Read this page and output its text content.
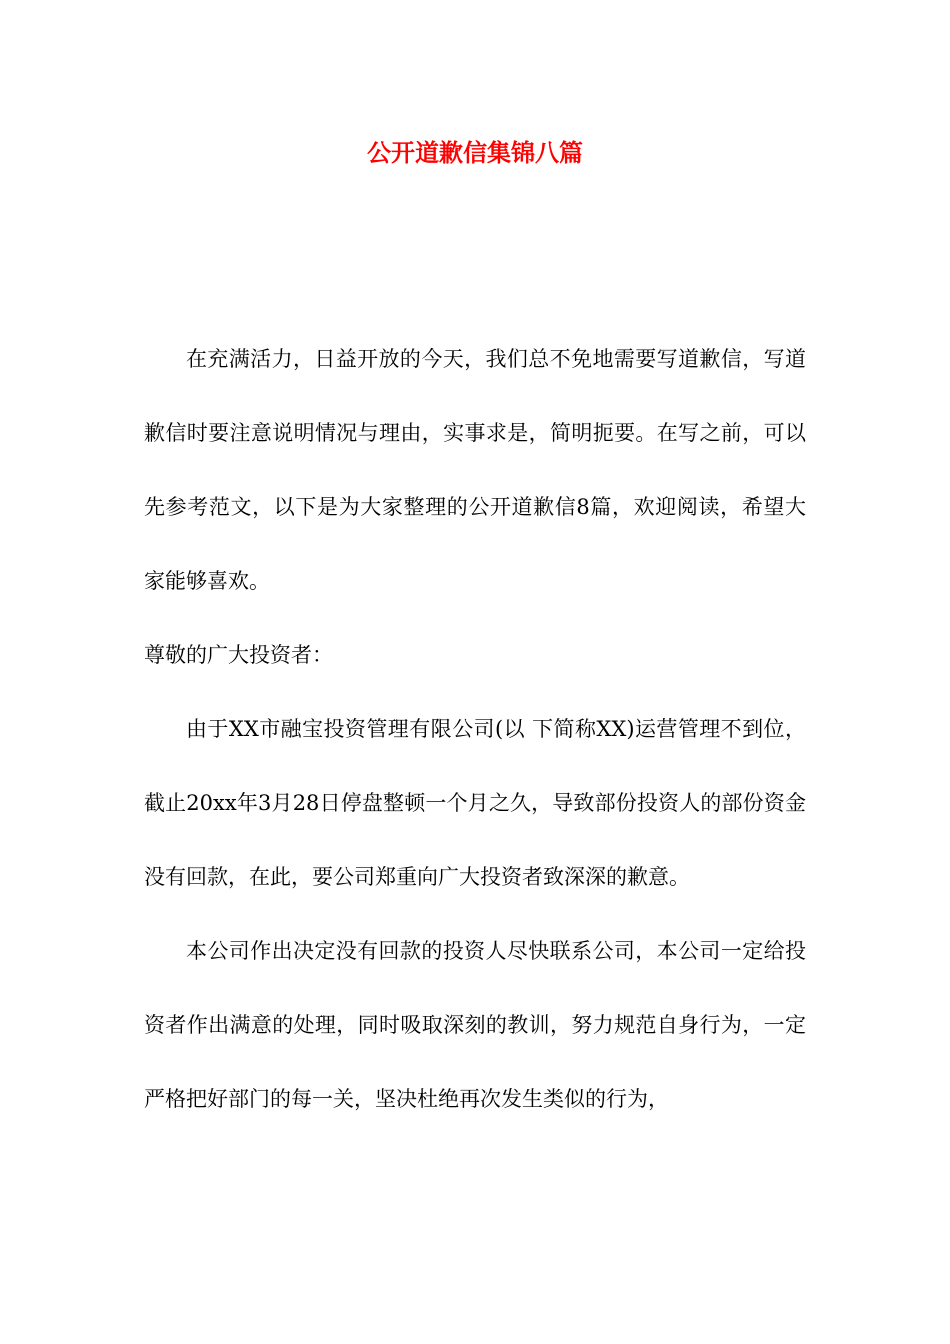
公开道歉信集锦八篇

在充满活力，日益开放的今天，我们总不免地需要写道歉信，写道歉信时要注意说明情况与理由，实事求是，简明扼要。在写之前，可以先参考范文，以下是为大家整理的公开道歉信8篇，欢迎阅读，希望大家能够喜欢。

尊敬的广大投资者：

由于XX市融宝投资管理有限公司(以 下简称XX)运营管理不到位，截止20xx年3月28日停盘整顿一个月之久，导致部份投资人的部份资金没有回款，在此，要公司郑重向广大投资者致深深的歉意。

本公司作出决定没有回款的投资人尽快联系公司，本公司一定给投资者作出满意的处理，同时吸取深刻的教训，努力规范自身行为，一定严格把好部门的每一关，坚决杜绝再次发生类似的行为，
